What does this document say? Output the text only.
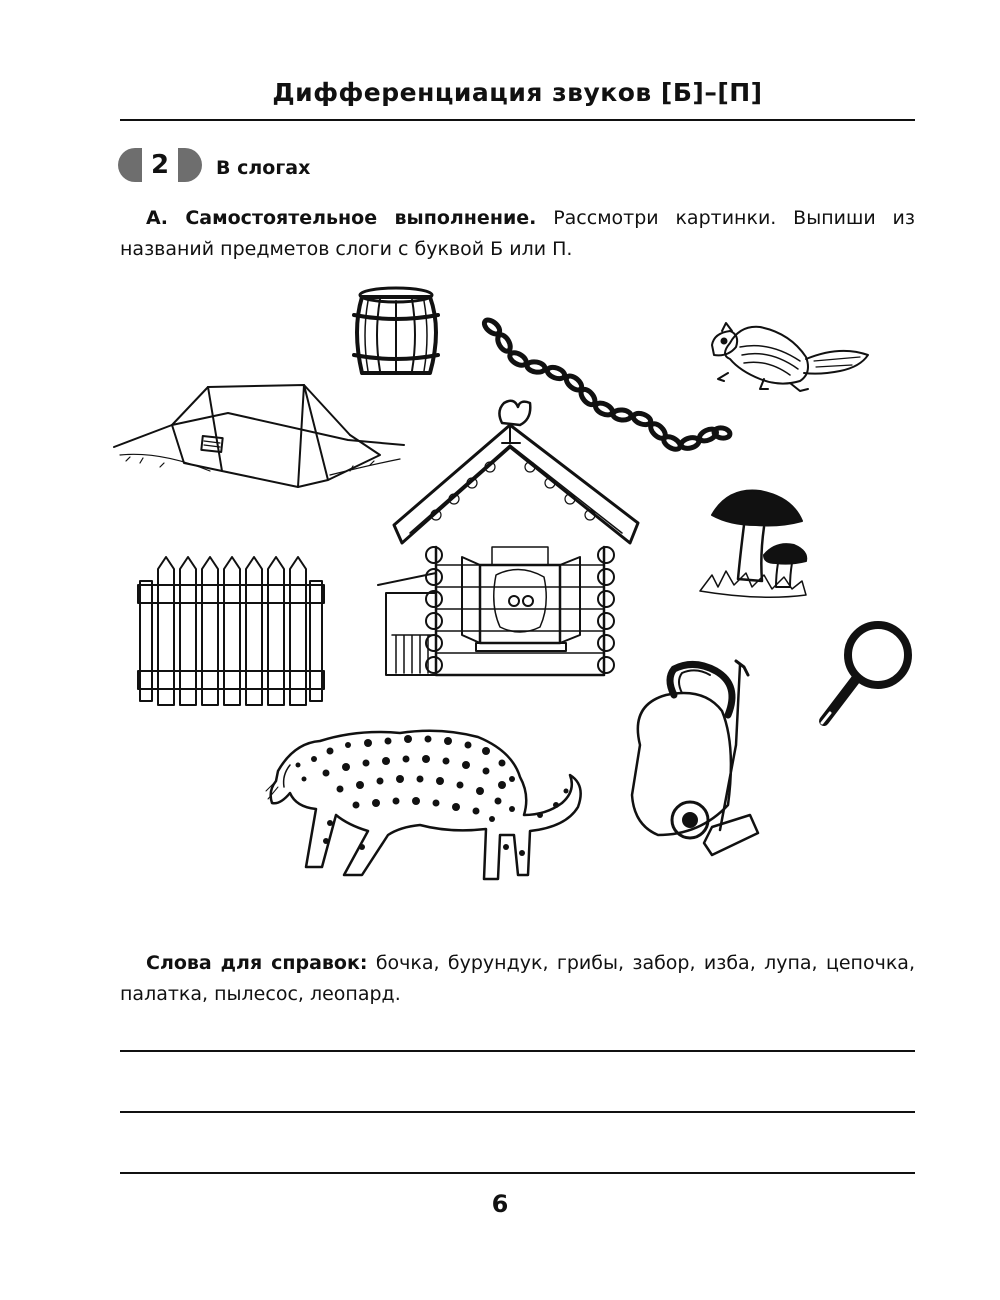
Дифференциация звуков [Б]–[П]
2	В слогах
А. Самостоятельное выполнение. Рассмотри картинки. Выпиши из названий предметов слоги с буквой Б или П.
Слова для справок: бочка, бурундук, грибы, забор, изба, лупа, цепочка, палатка, пылесос, леопард.
6
